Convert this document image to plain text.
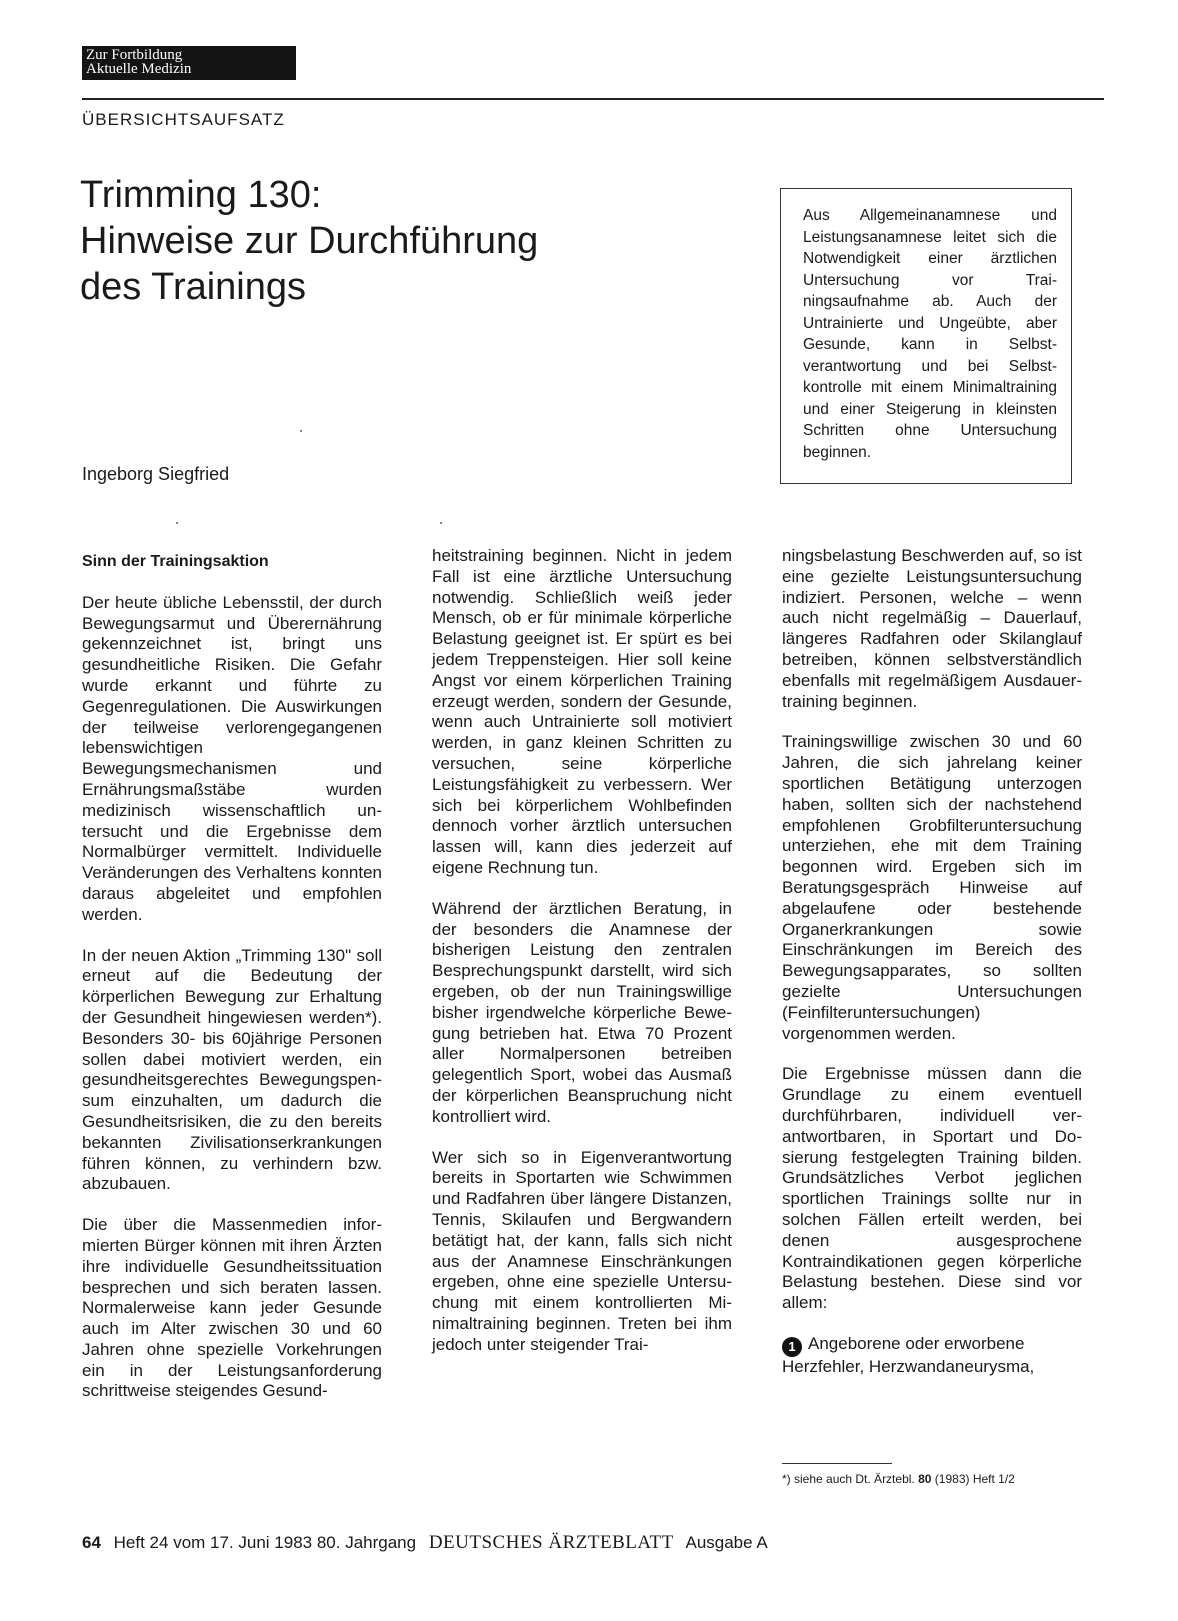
Zur Fortbildung
Aktuelle Medizin
ÜBERSICHTSAUFSATZ
Trimming 130:
Hinweise zur Durchführung
des Trainings
Ingeborg Siegfried

Aus Allgemeinanamnese und Leistungsanamnese leitet sich die Notwendigkeit einer ärztlichen Untersuchung vor Trainingsaufnahme ab. Auch der Untrainierte und Ungeübte, aber Gesunde, kann in Selbstverantwortung und bei Selbstkontrolle mit einem Minimaltraining und einer Steigerung in kleinsten Schritten ohne Untersuchung beginnen.

Sinn der Trainingsaktion

Der heute übliche Lebensstil, der durch Bewegungsarmut und Überernährung gekennzeichnet ist, bringt uns gesundheitliche Risiken. Die Gefahr wurde erkannt und führte zu Gegenregulationen. Die Auswirkungen der teilweise verlorengegangenen lebenswichtigen Bewegungsmechanismen und Ernährungsmaßstäbe wurden medizinisch wissenschaftlich untersucht und die Ergebnisse dem Normalbürger vermittelt. Individuelle Veränderungen des Verhaltens konnten daraus abgeleitet und empfohlen werden.

In der neuen Aktion „Trimming 130" soll erneut auf die Bedeutung der körperlichen Bewegung zur Erhaltung der Gesundheit hingewiesen werden*). Besonders 30- bis 60jährige Personen sollen dabei motiviert werden, ein gesundheitsgerechtes Bewegungspensum einzuhalten, um dadurch die Gesundheitsrisiken, die zu den bereits bekannten Zivilisationserkrankungen führen können, zu verhindern bzw. abzubauen.

Die über die Massenmedien informierten Bürger können mit ihren Ärzten ihre individuelle Gesundheitssituation besprechen und sich beraten lassen. Normalerweise kann jeder Gesunde auch im Alter zwischen 30 und 60 Jahren ohne spezielle Vorkehrungen ein in der Leistungsanforderung schrittweise steigendes Gesund-

heitstraining beginnen. Nicht in jedem Fall ist eine ärztliche Untersuchung notwendig. Schließlich weiß jeder Mensch, ob er für minimale körperliche Belastung geeignet ist. Er spürt es bei jedem Treppensteigen. Hier soll keine Angst vor einem körperlichen Training erzeugt werden, sondern der Gesunde, wenn auch Untrainierte soll motiviert werden, in ganz kleinen Schritten zu versuchen, seine körperliche Leistungsfähigkeit zu verbessern. Wer sich bei körperlichem Wohlbefinden dennoch vorher ärztlich untersuchen lassen will, kann dies jederzeit auf eigene Rechnung tun.

Während der ärztlichen Beratung, in der besonders die Anamnese der bisherigen Leistung den zentralen Besprechungspunkt darstellt, wird sich ergeben, ob der nun Trainingswillige bisher irgendwelche körperliche Bewegung betrieben hat. Etwa 70 Prozent aller Normalpersonen betreiben gelegentlich Sport, wobei das Ausmaß der körperlichen Beanspruchung nicht kontrolliert wird.

Wer sich so in Eigenverantwortung bereits in Sportarten wie Schwimmen und Radfahren über längere Distanzen, Tennis, Skilaufen und Bergwandern betätigt hat, der kann, falls sich nicht aus der Anamnese Einschränkungen ergeben, ohne eine spezielle Untersuchung mit einem kontrollierten Minimaltraining beginnen. Treten bei ihm jedoch unter steigender Trai-

ningsbelastung Beschwerden auf, so ist eine gezielte Leistungsuntersuchung indiziert. Personen, welche – wenn auch nicht regelmäßig – Dauerlauf, längeres Radfahren oder Skilanglauf betreiben, können selbstverständlich ebenfalls mit regelmäßigem Ausdauertraining beginnen.

Trainingswillige zwischen 30 und 60 Jahren, die sich jahrelang keiner sportlichen Betätigung unterzogen haben, sollten sich der nachstehend empfohlenen Grobfilteruntersuchung unterziehen, ehe mit dem Training begonnen wird. Ergeben sich im Beratungsgespräch Hinweise auf abgelaufene oder bestehende Organerkrankungen sowie Einschränkungen im Bereich des Bewegungsapparates, so sollten gezielte Untersuchungen (Feinfilteruntersuchungen) vorgenommen werden.

Die Ergebnisse müssen dann die Grundlage zu einem eventuell durchführbaren, individuell verantwortbaren, in Sportart und Dosierung festgelegten Training bilden. Grundsätzliches Verbot jeglichen sportlichen Trainings sollte nur in solchen Fällen erteilt werden, bei denen ausgesprochene Kontraindikationen gegen körperliche Belastung bestehen. Diese sind vor allem:

1 Angeborene oder erworbene Herzfehler, Herzwandaneurysma,

*) siehe auch Dt. Ärztebl. 80 (1983) Heft 1/2
64 Heft 24 vom 17. Juni 1983 80. Jahrgang DEUTSCHES ÄRZTEBLATT Ausgabe A
